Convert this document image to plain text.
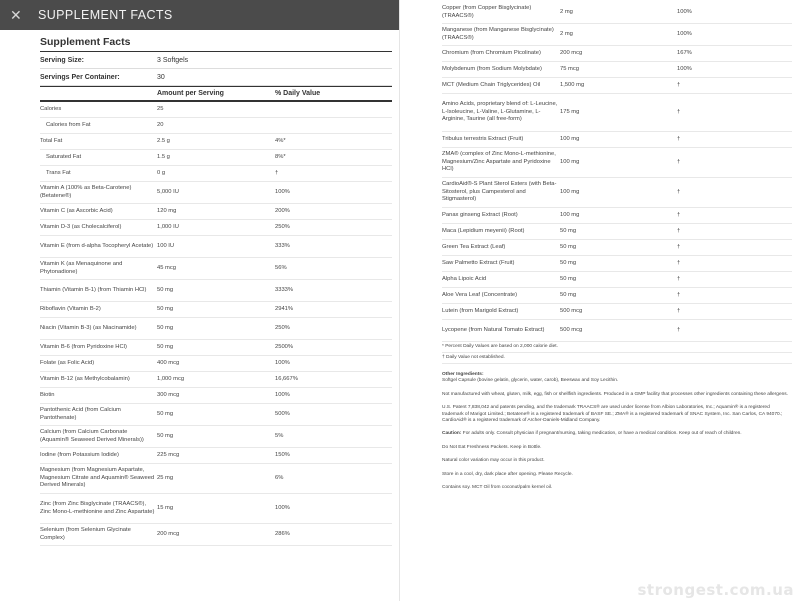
✕	SUPPLEMENT FACTS
Supplement Facts
Serving Size:	3 Softgels
Servings Per Container:	30
Amount per Serving	% Daily Value
Calories	25
Calories from Fat	20
Total Fat	2.5 g	4%*
Saturated Fat	1.5 g	8%*
Trans Fat	0 g	†
Vitamin A (100% as Beta-Carotene) (Betatene®)
5,000 IU	100%
Vitamin C (as Ascorbic Acid)	120 mg	200%
Vitamin D-3 (as Cholecalciferol)	1,000 IU	250%
Vitamin E (from d-alpha Tocopheryl Acetate) 100 IU	333%
Vitamin K (as Menaquinone and Phytonadione)
45 mcg	56%
Thiamin (Vitamin B-1) (from Thiamin HCl)	50 mg	3333%
Riboflavin (Vitamin B-2)	50 mg	2941%
Niacin (Vitamin B-3) (as Niacinamide)	50 mg	250%
Vitamin B-6 (from Pyridoxine HCl)	50 mg	2500%
Folate (as Folic Acid)	400 mcg	100%
Vitamin B-12 (as Methylcobalamin)	1,000 mcg	16,667%
Biotin	300 mcg	100%
Pantothenic Acid (from Calcium Pantothenate)
50 mg	500%
Calcium (from Calcium Carbonate (Aquamin® Seaweed Derived Minerals))
50 mg	5%
Iodine (from Potassium Iodide)	225 mcg	150%
Magnesium (from Magnesium Aspartate, Magnesium Citrate and Aquamin® Seaweed Derived Minerals)
25 mg	6%
Zinc (from Zinc Bisglycinate (TRAACS®), Zinc Mono-L-methionine and Zinc Aspartate)
15 mg	100%
Selenium (from Selenium Glycinate Complex)
200 mcg	286%
Copper (from Copper Bisglycinate) (TRAACS®)
2 mg	100%
Manganese (from Manganese Bisglycinate) (TRAACS®)
2 mg	100%
Chromium (from Chromium Picolinate)	200 mcg	167%
Molybdenum (from Sodium Molybdate)	75 mcg	100%
MCT (Medium Chain Triglycerides) Oil	1,500 mg	†
Amino Acids, proprietary blend of: L-Leucine, L-Isoleucine, L-Valine, L-Glutamine, L-Arginine, Taurine (all free-form)
175 mg	†
Tribulus terrestris Extract (Fruit)	100 mg	†
ZMA® (complex of Zinc Mono-L-methionine, Magnesium/Zinc Aspartate and Pyridoxine HCl)
100 mg	†
CardioAid®-S Plant Sterol Esters (with Beta-Sitosterol, plus Campesterol and Stigmasterol)
100 mg	†
Panax ginseng Extract (Root)	100 mg	†
Maca (Lepidium meyenii) (Root)	50 mg	†
Green Tea Extract (Leaf)	50 mg	†
Saw Palmetto Extract (Fruit)	50 mg	†
Alpha Lipoic Acid	50 mg	†
Aloe Vera Leaf (Concentrate)	50 mg	†
Lutein (from Marigold Extract)	500 mcg	†
Lycopene (from Natural Tomato Extract)	500 mcg	†
* Percent Daily Values are based on 2,000 calorie diet.
† Daily Value not established.

Other Ingredients:
Softgel Capsule (bovine gelatin, glycerin, water, carob), Beeswax and Soy Lecithin.

Not manufactured with wheat, gluten, milk, egg, fish or shellfish ingredients. Produced in a GMP facility that processes other ingredients containing these allergens.

U.S. Patent 7,838,042 and patents pending, and the trademark TRAACS® are used under license from Albion Laboratories, Inc.; Aquamin® is a registered trademark of Marigot Limited.; Betatene® is a registered trademark of BASF SE.; ZMA® is a registered trademark of SNAC System, Inc. San Carlos, CA 94070.; CardioAid® is a registered trademark of Archer-Daniels-Midland Company.

Caution: For adults only. Consult physician if pregnant/nursing, taking medication, or have a medical condition. Keep out of reach of children.

Do Not Eat Freshness Packets. Keep in Bottle.

Natural color variation may occur in this product.

Store in a cool, dry, dark place after opening. Please Recycle.

Contains soy. MCT Oil from coconut/palm kernel oil.

strongest.com.ua
